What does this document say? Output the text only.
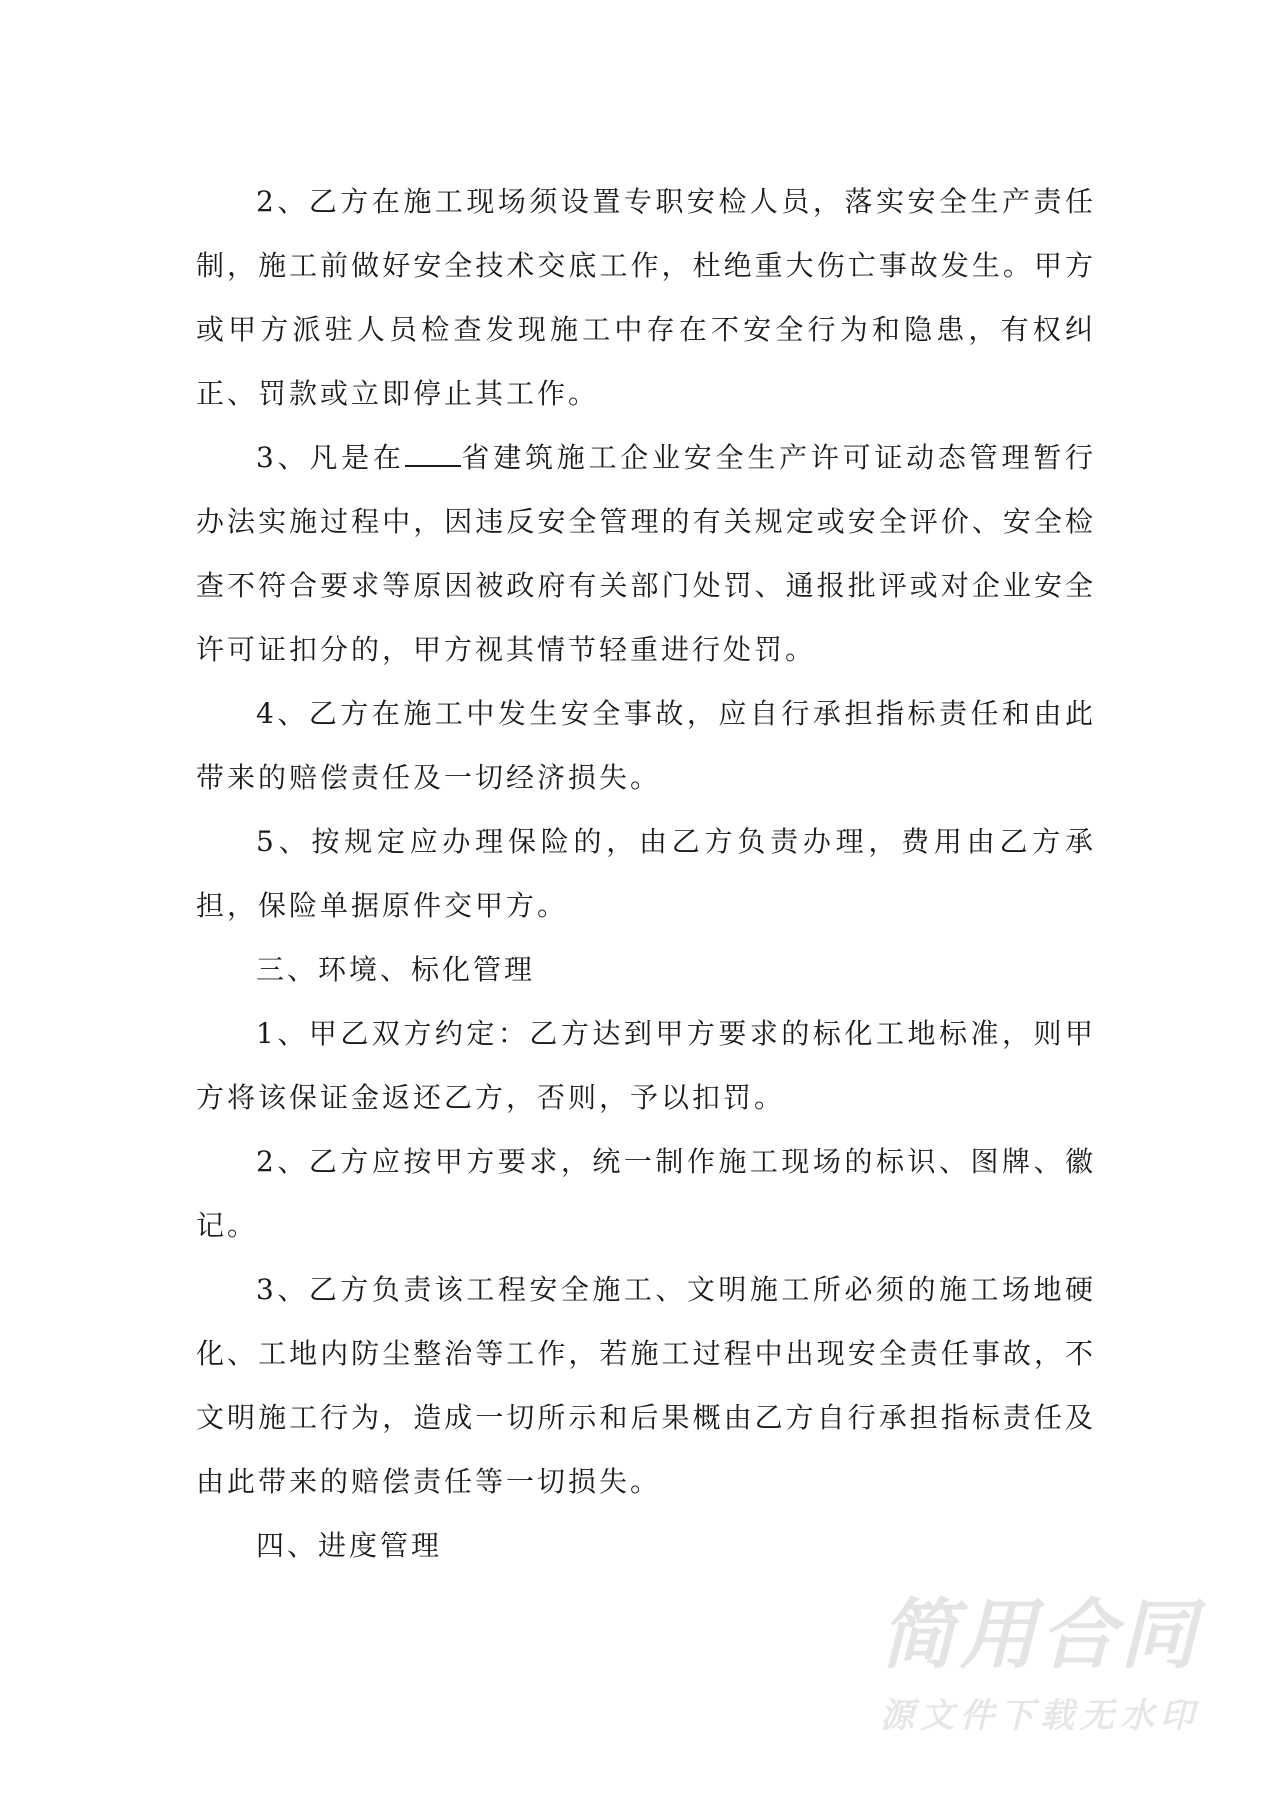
2、乙方在施工现场须设置专职安检人员，落实安全生产责任制，施工前做好安全技术交底工作，杜绝重大伤亡事故发生。甲方或甲方派驻人员检查发现施工中存在不安全行为和隐患，有权纠正、罚款或立即停止其工作。

3、凡是在 省建筑施工企业安全生产许可证动态管理暂行办法实施过程中，因违反安全管理的有关规定或安全评价、安全检查不符合要求等原因被政府有关部门处罚、通报批评或对企业安全许可证扣分的，甲方视其情节轻重进行处罚。

4、乙方在施工中发生安全事故，应自行承担指标责任和由此带来的赔偿责任及一切经济损失。

5、按规定应办理保险的，由乙方负责办理，费用由乙方承担，保险单据原件交甲方。

三、环境、标化管理

1、甲乙双方约定：乙方达到甲方要求的标化工地标准，则甲方将该保证金返还乙方，否则，予以扣罚。

2、乙方应按甲方要求，统一制作施工现场的标识、图牌、徽记。

3、乙方负责该工程安全施工、文明施工所必须的施工场地硬化、工地内防尘整治等工作，若施工过程中出现安全责任事故，不文明施工行为，造成一切所示和后果概由乙方自行承担指标责任及由此带来的赔偿责任等一切损失。

四、进度管理

简用合同
源文件下载无水印
